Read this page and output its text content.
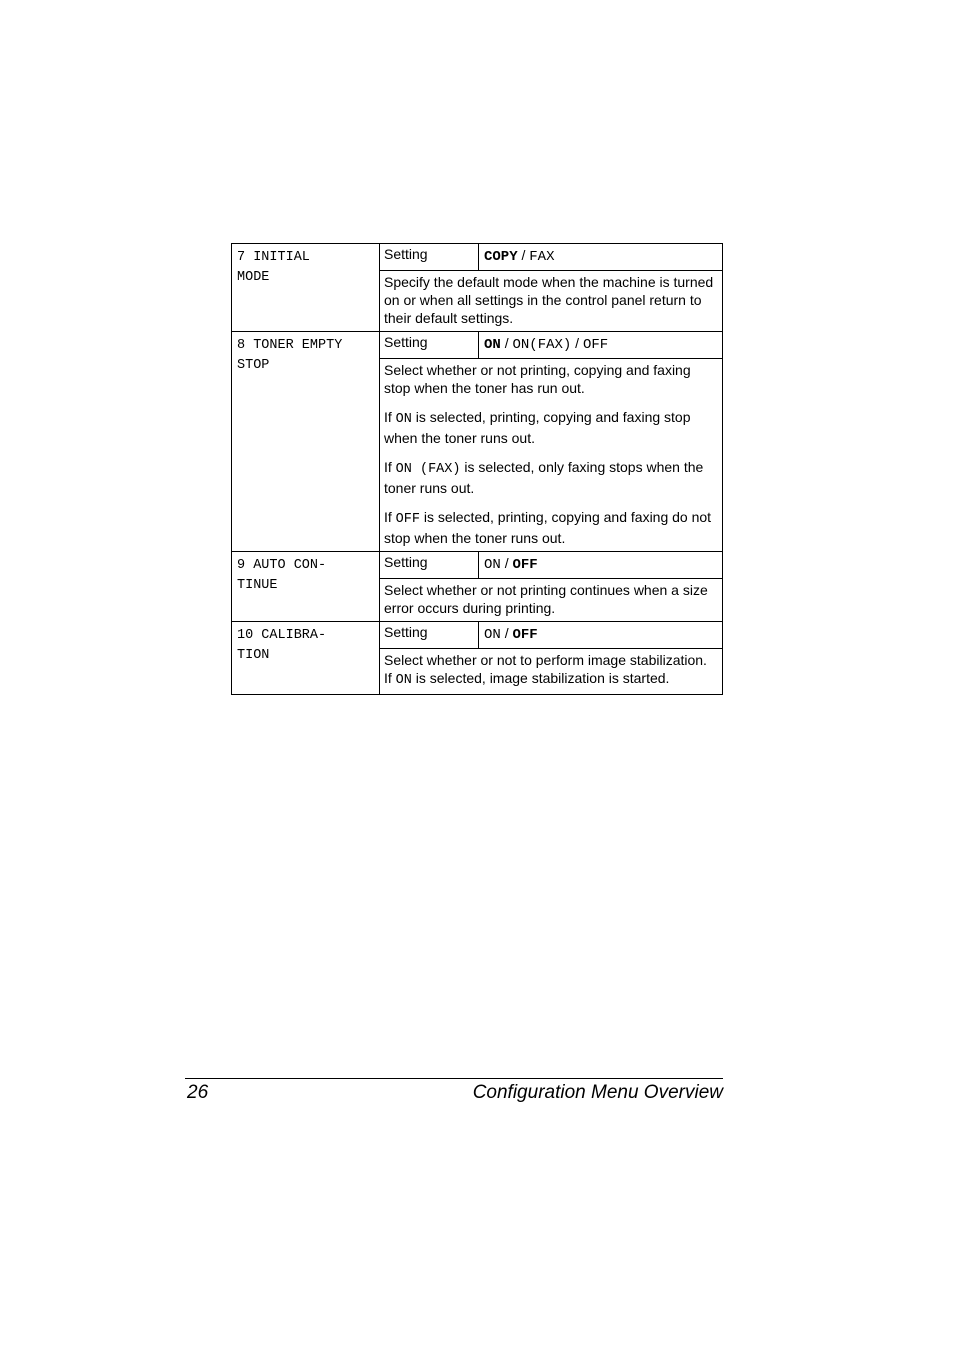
7 INITIAL
MODE	Setting	COPY / FAX

	Specify the default mode when the machine is turned on or when all settings in the control panel return to their default settings.	

8 TONER EMPTY
STOP	Setting	ON / ON(FAX) / OFF

	Select whether or not printing, copying and faxing stop when the toner has run out.

If ON is selected, printing, copying and faxing stop when the toner runs out.

If ON (FAX) is selected, only faxing stops when the toner runs out.

If OFF is selected, printing, copying and faxing do not stop when the toner runs out.	

9 AUTO CON-
TINUE	Setting	ON / OFF

	Select whether or not printing continues when a size error occurs during printing.	

10 CALIBRA-
TION	Setting	ON / OFF

	Select whether or not to perform image stabilization. If ON is selected, image stabilization is started.	

26	Configuration Menu Overview
